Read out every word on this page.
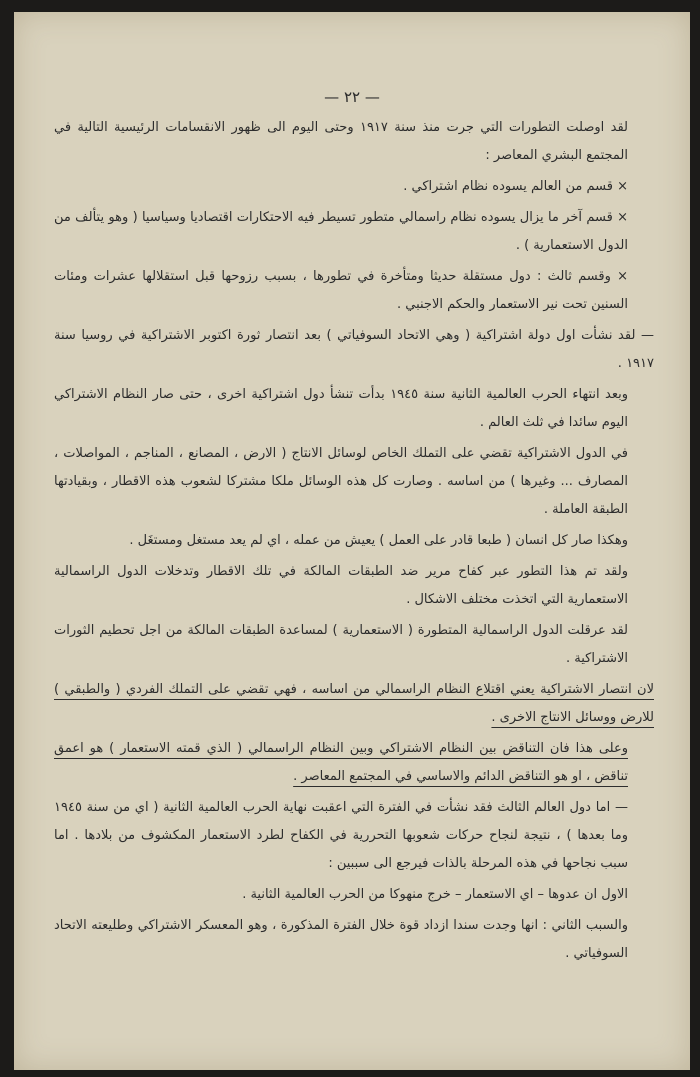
— ٢٢ —

لقد اوصلت التطورات التي جرت منذ سنة ١٩١٧ وحتى اليوم الى ظهور الانقسامات الرئيسية التالية في المجتمع البشري المعاصر :

× قسم من العالم يسوده نظام اشتراكي .

× قسم آخر ما يزال يسوده نظام راسمالي متطور تسيطر فيه الاحتكارات اقتصاديا وسياسيا ( وهو يتألف من الدول الاستعمارية ) .

× وقسم ثالث : دول مستقلة حديثا ومتأخرة في تطورها ، بسبب رزوحها قبل استقلالها عشرات ومئات السنين تحت نير الاستعمار والحكم الاجنبي .

— لقد نشأت اول دولة اشتراكية ( وهي الاتحاد السوفياتي ) بعد انتصار ثورة اكتوبر الاشتراكية في روسيا سنة ١٩١٧ .

وبعد انتهاء الحرب العالمية الثانية سنة ١٩٤٥ بدأت تنشأ دول اشتراكية اخرى ، حتى صار النظام الاشتراكي اليوم سائدا في ثلث العالم .

في الدول الاشتراكية تقضي على التملك الخاص لوسائل الانتاج ( الارض ، المصانع ، المناجم ، المواصلات ، المصارف ... وغيرها ) من اساسه . وصارت كل هذه الوسائل ملكا مشتركا لشعوب هذه الاقطار ، وبقيادتها الطبقة العاملة .

وهكذا صار كل انسان ( طبعا قادر على العمل ) يعيش من عمله ، اي لم يعد مستغل ومستغَل .

ولقد تم هذا التطور عبر كفاح مرير ضد الطبقات المالكة في تلك الاقطار وتدخلات الدول الراسمالية الاستعمارية التي اتخذت مختلف الاشكال .

لقد عرقلت الدول الراسمالية المتطورة ( الاستعمارية ) لمساعدة الطبقات المالكة من اجل تحطيم الثورات الاشتراكية .

لان انتصار الاشتراكية يعني اقتلاع النظام الراسمالي من اساسه ، فهي تقضي على التملك الفردي ( والطبقي ) للارض ووسائل الانتاج الاخرى .

وعلى هذا فان التناقض بين النظام الاشتراكي وبين النظام الراسمالي ( الذي قمته الاستعمار ) هو اعمق تناقض ، او هو التناقض الدائم والاساسي في المجتمع المعاصر .

— اما دول العالم الثالث فقد نشأت في الفترة التي اعقبت نهاية الحرب العالمية الثانية ( اي من سنة ١٩٤٥ وما بعدها ) ، نتيجة لنجاح حركات شعوبها التحررية في الكفاح لطرد الاستعمار المكشوف من بلادها . اما سبب نجاحها في هذه المرحلة بالذات فيرجع الى سببين :

الاول ان عدوها – اي الاستعمار – خرج منهوكا من الحرب العالمية الثانية .

والسبب الثاني : انها وجدت سندا ازداد قوة خلال الفترة المذكورة ، وهو المعسكر الاشتراكي وطليعته الاتحاد السوفياتي .
